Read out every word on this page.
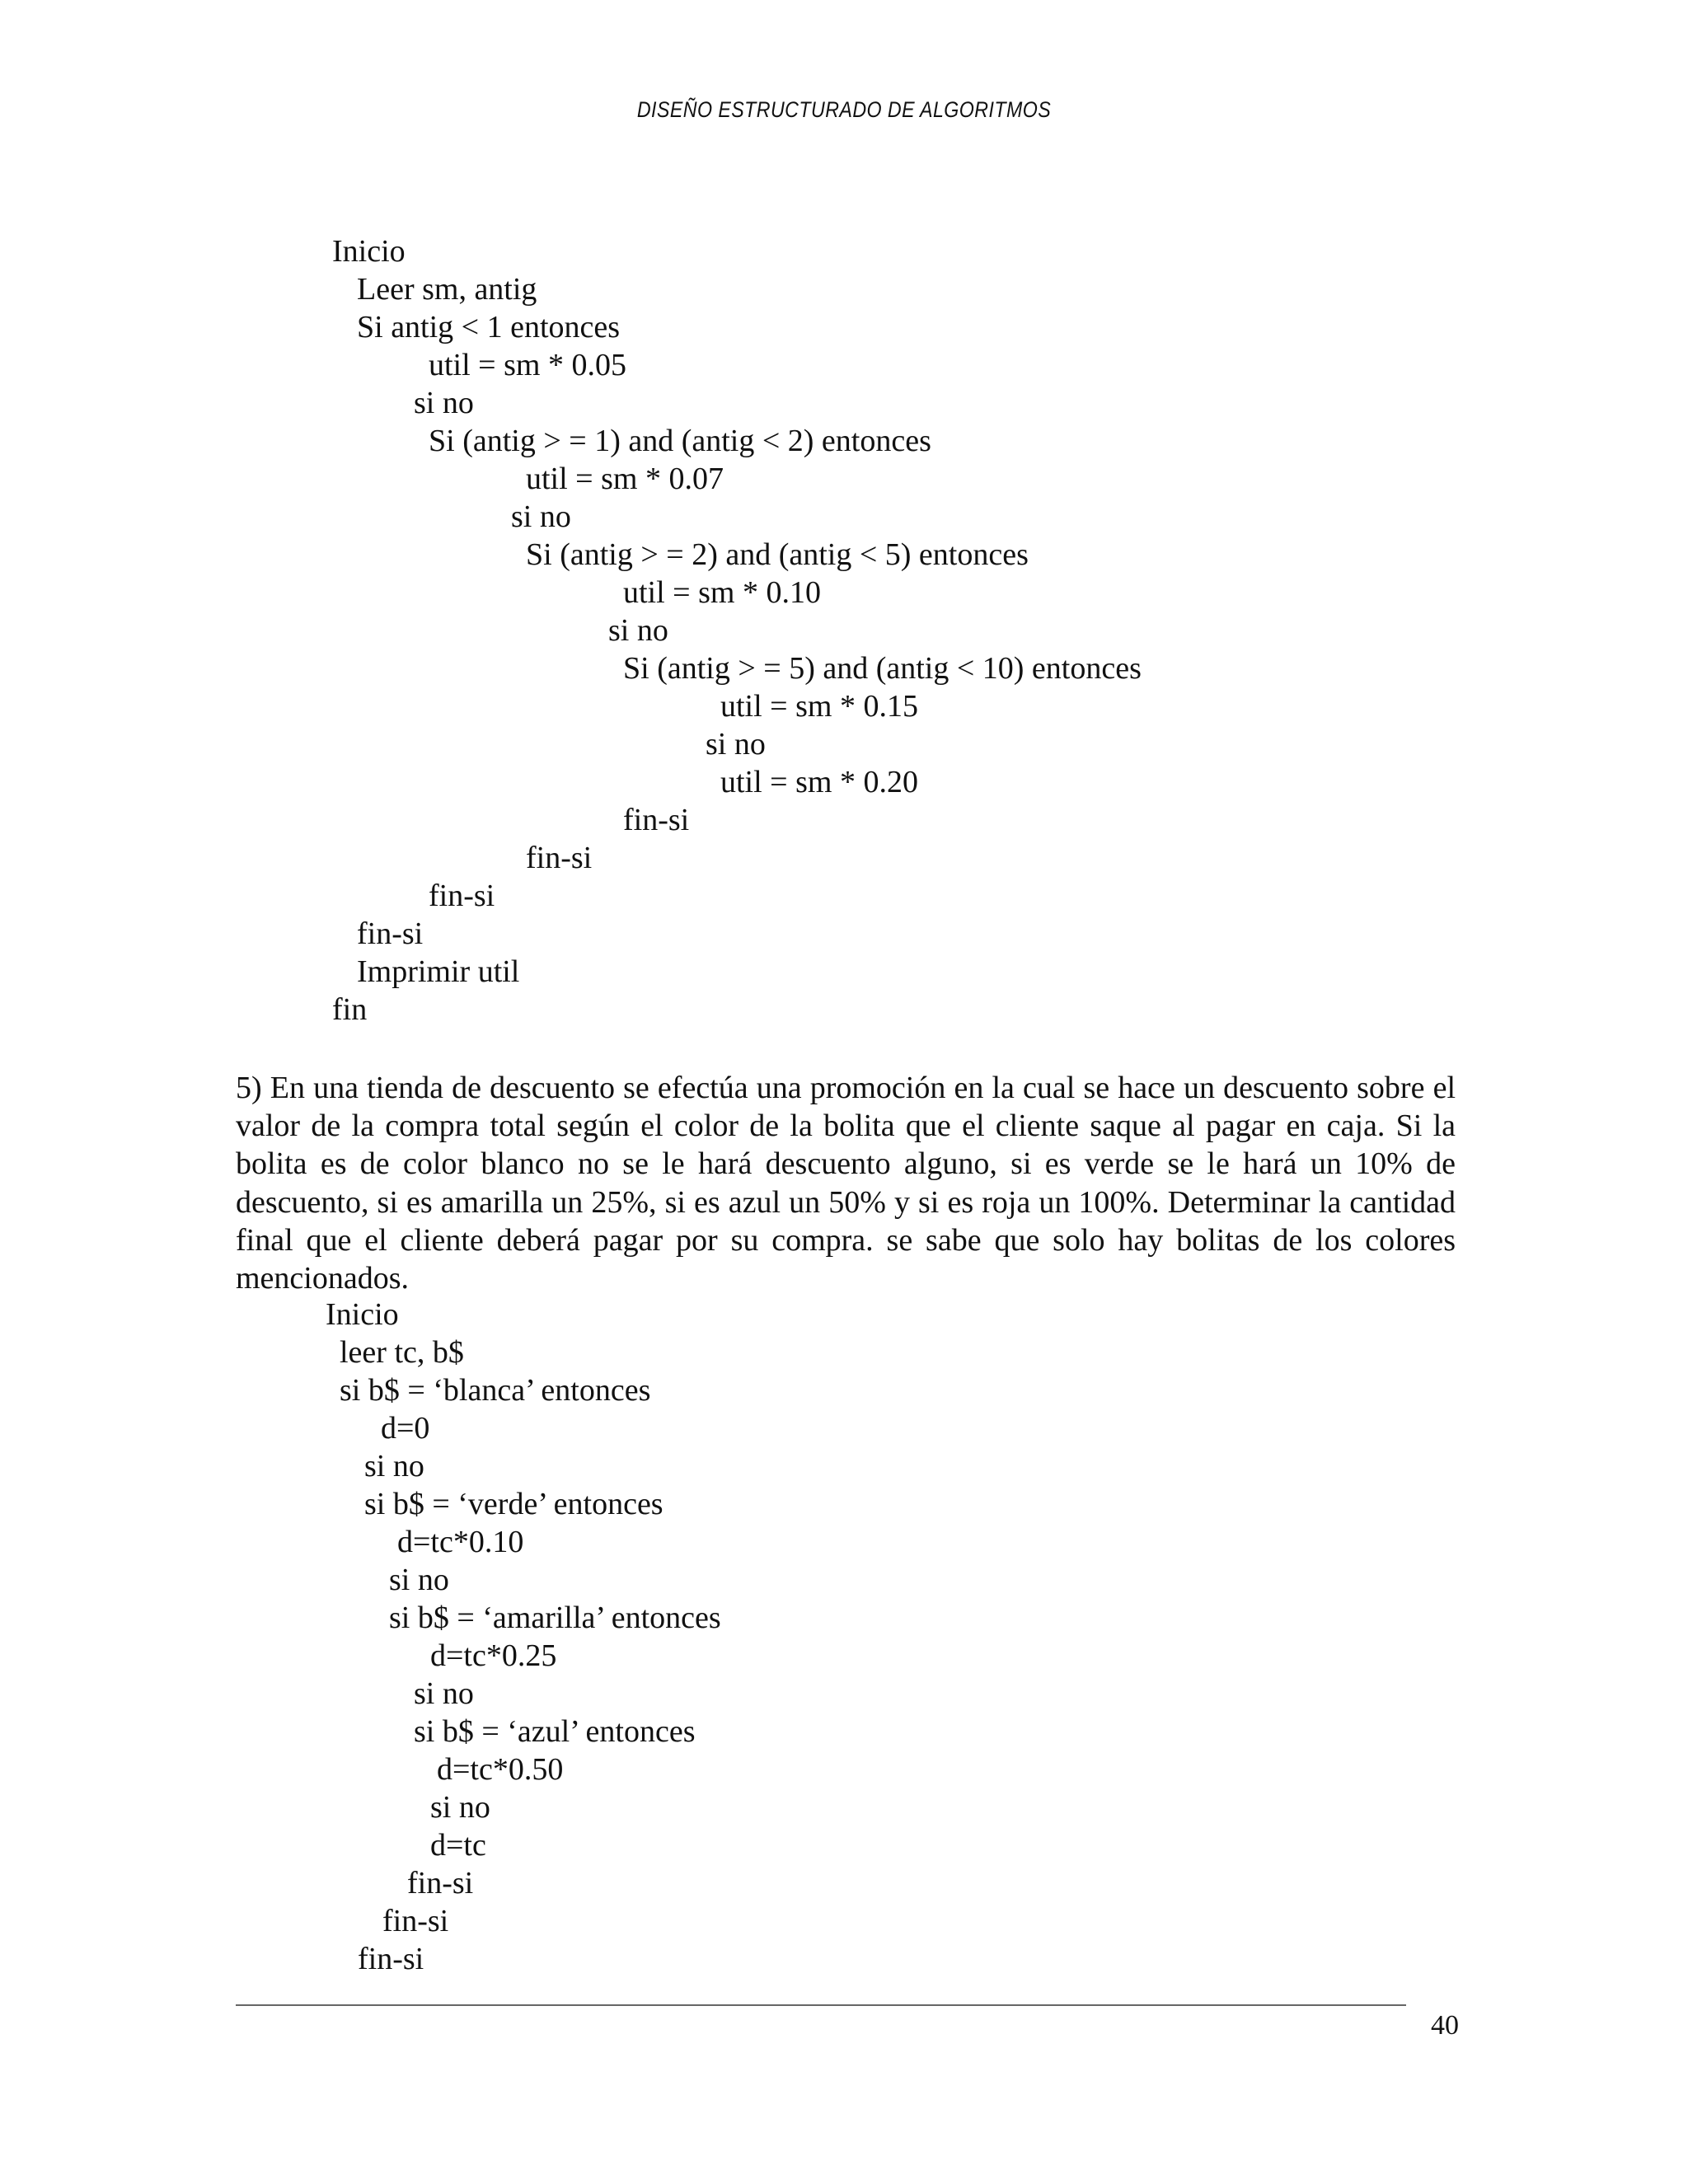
DISEÑO ESTRUCTURADO DE ALGORITMOS
Inicio
Leer sm, antig
Si antig < 1 entonces
util = sm * 0.05
si no
Si (antig > = 1) and (antig < 2) entonces
util = sm * 0.07
si no
Si (antig > = 2) and (antig < 5) entonces
util = sm * 0.10
si no
Si (antig > = 5) and (antig < 10) entonces
util = sm * 0.15
si no
util = sm * 0.20
fin-si
fin-si
fin-si
fin-si
Imprimir util
fin
5) En una tienda de descuento se efectúa una promoción en la cual se hace un descuento sobre el valor de la compra total según el color de la bolita que el cliente saque al pagar en caja. Si la bolita es de color blanco no se le hará descuento alguno, si es verde se le hará un 10% de descuento, si es amarilla un 25%, si es azul un 50% y si es roja un 100%. Determinar la cantidad final que el cliente deberá pagar por su compra. se sabe que solo hay bolitas de los colores mencionados.
Inicio
leer tc, b$
si b$ = ‘blanca’ entonces
d=0
si no
si b$ = ‘verde’ entonces
d=tc*0.10
si no
si b$ = ‘amarilla’ entonces
d=tc*0.25
si no
si b$ = ‘azul’ entonces
d=tc*0.50
si no
d=tc
fin-si
fin-si
fin-si
40
